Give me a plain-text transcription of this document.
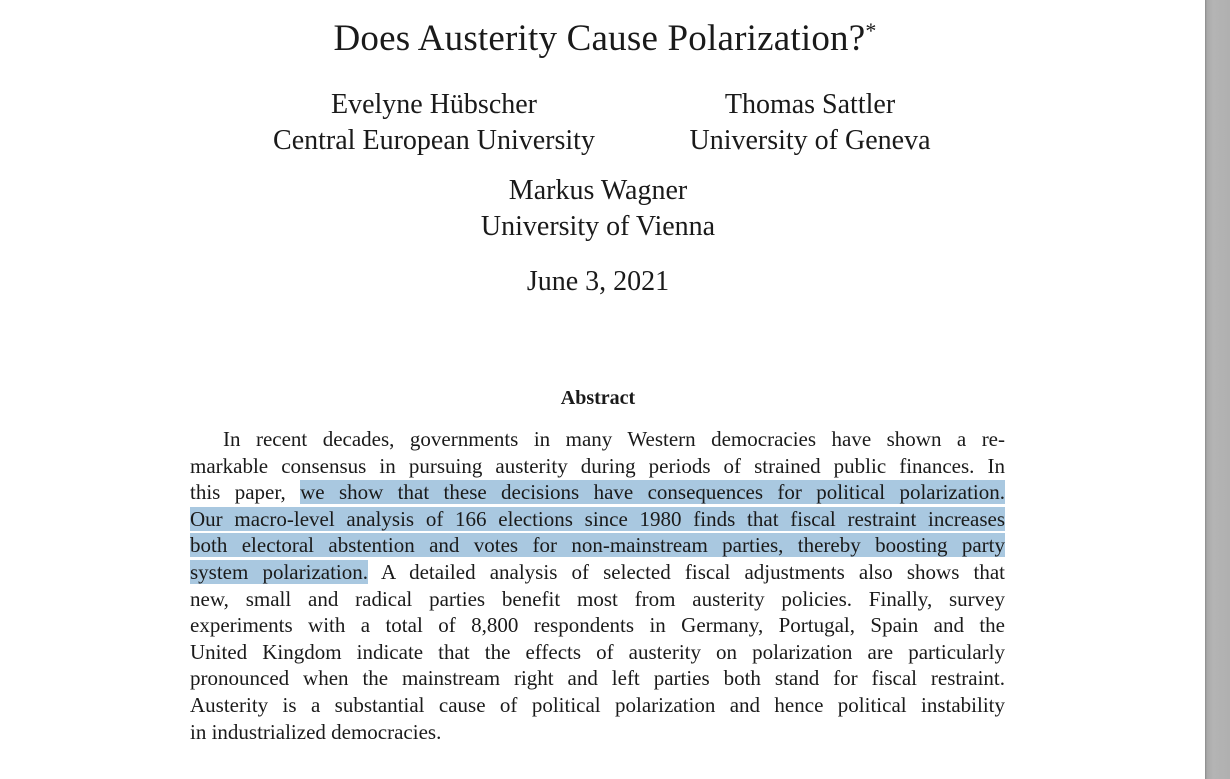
Does Austerity Cause Polarization?*
Evelyne Hübscher
Central European University
Thomas Sattler
University of Geneva
Markus Wagner
University of Vienna
June 3, 2021
Abstract
In recent decades, governments in many Western democracies have shown a re-
markable consensus in pursuing austerity during periods of strained public finances. In
this paper, we show that these decisions have consequences for political polarization.
Our macro-level analysis of 166 elections since 1980 finds that fiscal restraint increases
both electoral abstention and votes for non-mainstream parties, thereby boosting party
system polarization. A detailed analysis of selected fiscal adjustments also shows that
new, small and radical parties benefit most from austerity policies. Finally, survey
experiments with a total of 8,800 respondents in Germany, Portugal, Spain and the
United Kingdom indicate that the effects of austerity on polarization are particularly
pronounced when the mainstream right and left parties both stand for fiscal restraint.
Austerity is a substantial cause of political polarization and hence political instability
in industrialized democracies.
